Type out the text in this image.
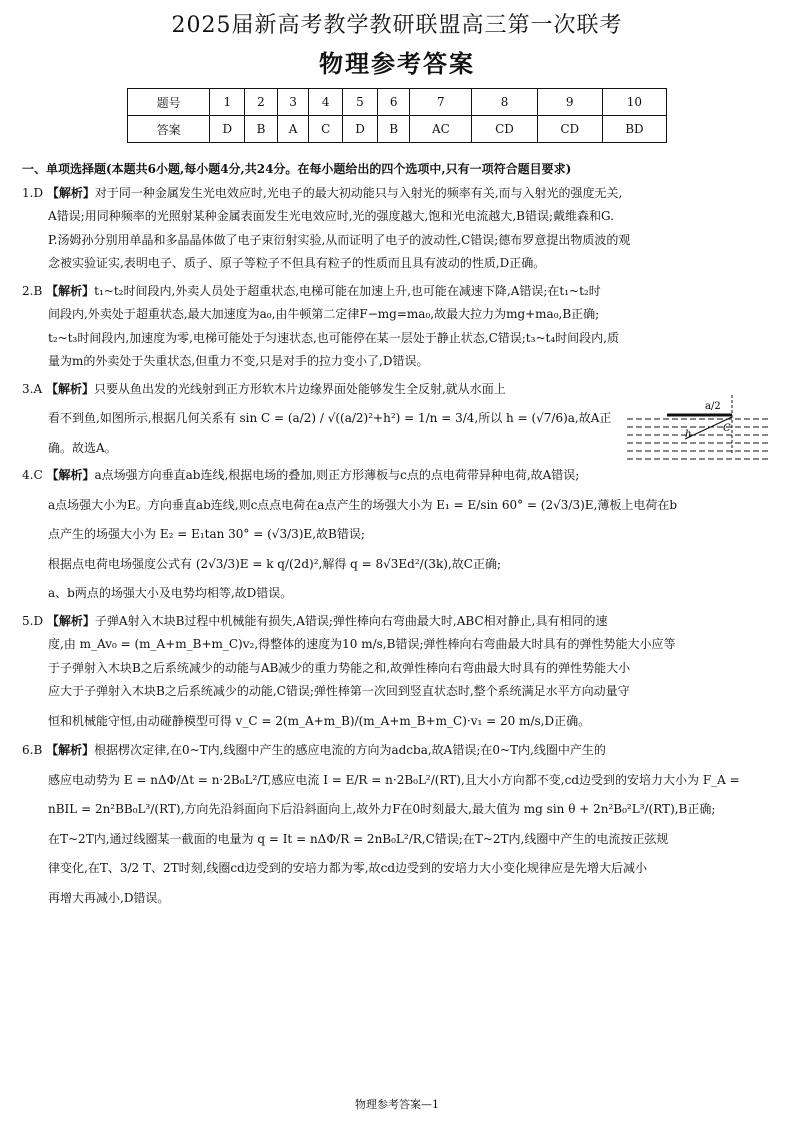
2025届新高考教学教研联盟高三第一次联考
物理参考答案
题号	1	2	3	4	5	6	7	8	9	10
答案	D	B	A	C	D	B	AC	CD	CD	BD
一、单项选择题(本题共6小题,每小题4分,共24分。在每小题给出的四个选项中,只有一项符合题目要求)
1.D 【解析】对于同一种金属发生光电效应时,光电子的最大初动能只与入射光的频率有关,而与入射光的强度无关,
A错误;用同种频率的光照射某种金属表面发生光电效应时,光的强度越大,饱和光电流越大,B错误;戴维森和G.
P.汤姆孙分别用单晶和多晶晶体做了电子束衍射实验,从而证明了电子的波动性,C错误;德布罗意提出物质波的观
念被实验证实,表明电子、质子、原子等粒子不但具有粒子的性质而且具有波动的性质,D正确。
2.B 【解析】t₁~t₂时间段内,外卖人员处于超重状态,电梯可能在加速上升,也可能在减速下降,A错误;在t₁~t₂时
间段内,外卖处于超重状态,最大加速度为a₀,由牛顿第二定律F−mg=ma₀,故最大拉力为mg+ma₀,B正确;
t₂~t₃时间段内,加速度为零,电梯可能处于匀速状态,也可能停在某一层处于静止状态,C错误;t₃~t₄时间段内,质
量为m的外卖处于失重状态,但重力不变,只是对手的拉力变小了,D错误。
3.A 【解析】只要从鱼出发的光线射到正方形软木片边缘界面处能够发生全反射,就从水面上
看不到鱼,如图所示,根据几何关系有 sin C = (a/2) / √((a/2)²+h²) = 1/n = 3/4,所以 h = (√7/6)a,故A正
确。故选A。
4.C 【解析】a点场强方向垂直ab连线,根据电场的叠加,则正方形薄板与c点的点电荷带异种电荷,故A错误;
a点场强大小为E。方向垂直ab连线,则c点点电荷在a点产生的场强大小为 E₁ = E/sin 60° = (2√3/3)E,薄板上电荷在b
点产生的场强大小为 E₂ = E₁tan 30° = (√3/3)E,故B错误;
根据点电荷电场强度公式有 (2√3/3)E = k q/(2d)²,解得 q = 8√3Ed²/(3k),故C正确;
a、b两点的场强大小及电势均相等,故D错误。
5.D 【解析】子弹A射入木块B过程中机械能有损失,A错误;弹性棒向右弯曲最大时,ABC相对静止,具有相同的速
度,由 m_Av₀ = (m_A+m_B+m_C)v₂,得整体的速度为10 m/s,B错误;弹性棒向右弯曲最大时具有的弹性势能大小应等
于子弹射入木块B之后系统减少的动能与AB减少的重力势能之和,故弹性棒向右弯曲最大时具有的弹性势能大小
应大于子弹射入木块B之后系统减少的动能,C错误;弹性棒第一次回到竖直状态时,整个系统满足水平方向动量守
恒和机械能守恒,由动碰静模型可得 v_C = 2(m_A+m_B)/(m_A+m_B+m_C)·v₁ = 20 m/s,D正确。
6.B 【解析】根据楞次定律,在0~T内,线圈中产生的感应电流的方向为adcba,故A错误;在0~T内,线圈中产生的
感应电动势为 E = nΔΦ/Δt = n·2B₀L²/T,感应电流 I = E/R = n·2B₀L²/(RT),且大小方向都不变,cd边受到的安培力大小为 F_A =
nBIL = 2n²BB₀L³/(RT),方向先沿斜面向下后沿斜面向上,故外力F在0时刻最大,最大值为 mg sin θ + 2n²B₀²L³/(RT),B正确;
在T~2T内,通过线圈某一截面的电量为 q = It = nΔΦ/R = 2nB₀L²/R,C错误;在T~2T内,线圈中产生的电流按正弦规
律变化,在T、3/2 T、2T时刻,线圈cd边受到的安培力都为零,故cd边受到的安培力大小变化规律应是先增大后减小
再增大再减小,D错误。
a/2
h
C
物理参考答案—1
